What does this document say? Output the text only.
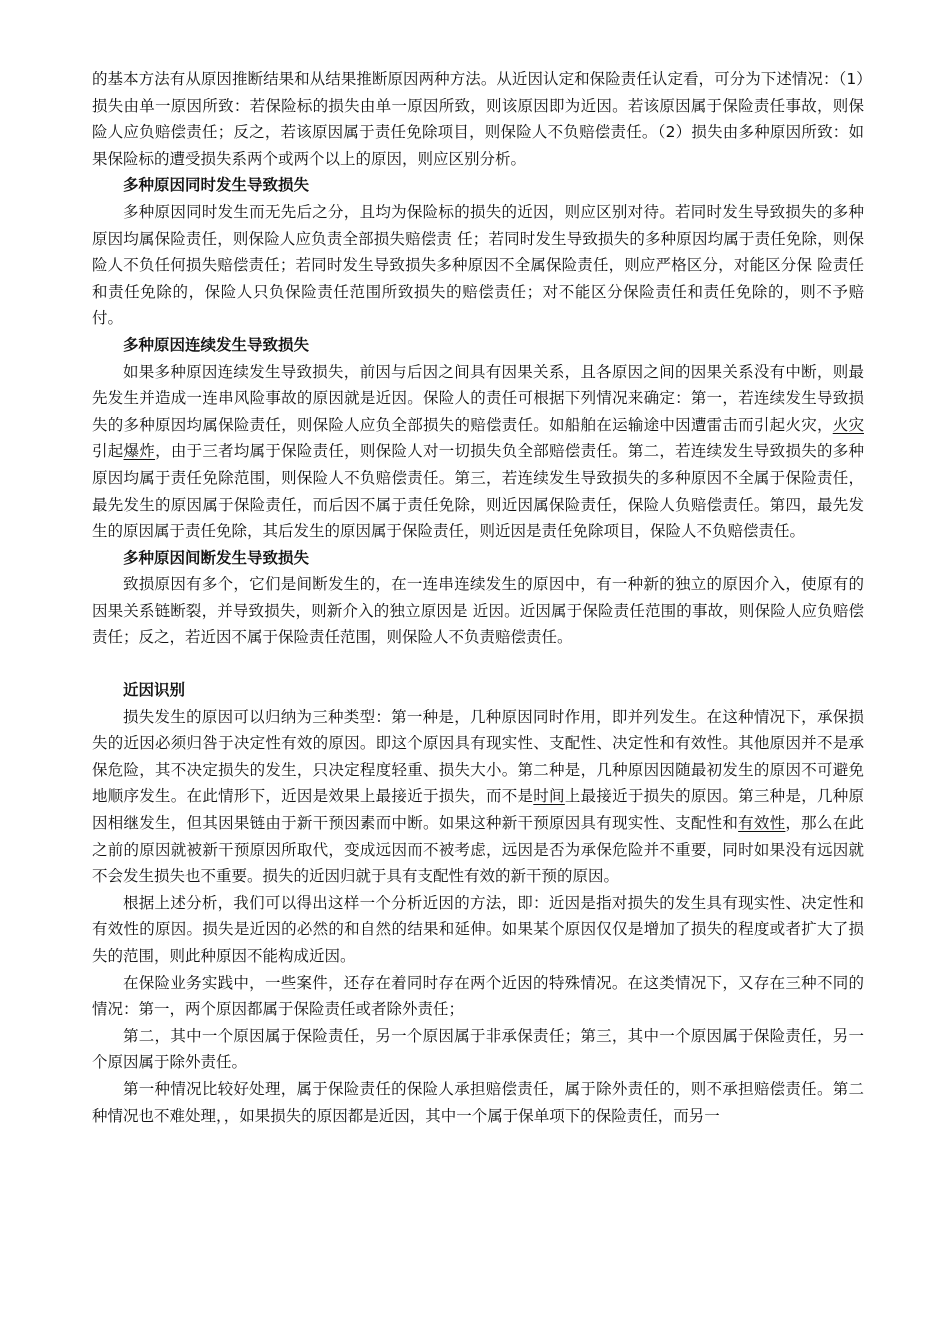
的基本方法有从原因推断结果和从结果推断原因两种方法。从近因认定和保险责任认定看，可分为下述情况：（1）损失由单一原因所致：若保险标的损失由单一原因所致，则该原因即为近因。若该原因属于保险责任事故，则保险人应负赔偿责任；反之，若该原因属于责任免除项目，则保险人不负赔偿责任。（2）损失由多种原因所致：如果保险标的遭受损失系两个或两个以上的原因，则应区别分析。

多种原因同时发生导致损失

多种原因同时发生而无先后之分，且均为保险标的损失的近因，则应区别对待。若同时发生导致损失的多种原因均属保险责任，则保险人应负责全部损失赔偿责 任；若同时发生导致损失的多种原因均属于责任免除，则保险人不负任何损失赔偿责任；若同时发生导致损失多种原因不全属保险责任，则应严格区分，对能区分保 险责任和责任免除的，保险人只负保险责任范围所致损失的赔偿责任；对不能区分保险责任和责任免除的，则不予赔付。

多种原因连续发生导致损失

如果多种原因连续发生导致损失，前因与后因之间具有因果关系，且各原因之间的因果关系没有中断，则最先发生并造成一连串风险事故的原因就是近因。保险人的责任可根据下列情况来确定：第一，若连续发生导致损失的多种原因均属保险责任，则保险人应负全部损失的赔偿责任。如船舶在运输途中因遭雷击而引起火灾，火灾引起爆炸，由于三者均属于保险责任，则保险人对一切损失负全部赔偿责任。第二，若连续发生导致损失的多种原因均属于责任免除范围，则保险人不负赔偿责任。第三，若连续发生导致损失的多种原因不全属于保险责任，最先发生的原因属于保险责任，而后因不属于责任免除，则近因属保险责任，保险人负赔偿责任。第四，最先发生的原因属于责任免除，其后发生的原因属于保险责任，则近因是责任免除项目，保险人不负赔偿责任。

多种原因间断发生导致损失

致损原因有多个，它们是间断发生的，在一连串连续发生的原因中，有一种新的独立的原因介入，使原有的因果关系链断裂，并导致损失，则新介入的独立原因是 近因。近因属于保险责任范围的事故，则保险人应负赔偿责任；反之，若近因不属于保险责任范围，则保险人不负责赔偿责任。

近因识别

损失发生的原因可以归纳为三种类型：第一种是，几种原因同时作用，即并列发生。在这种情况下，承保损失的近因必须归咎于决定性有效的原因。即这个原因具有现实性、支配性、决定性和有效性。其他原因并不是承保危险，其不决定损失的发生，只决定程度轻重、损失大小。第二种是，几种原因因随最初发生的原因不可避免地顺序发生。在此情形下，近因是效果上最接近于损失，而不是时间上最接近于损失的原因。第三种是，几种原因相继发生，但其因果链由于新干预因素而中断。如果这种新干预原因具有现实性、支配性和有效性，那么在此之前的原因就被新干预原因所取代，变成远因而不被考虑，远因是否为承保危险并不重要，同时如果没有远因就不会发生损失也不重要。损失的近因归就于具有支配性有效的新干预的原因。

根据上述分析，我们可以得出这样一个分析近因的方法，即：近因是指对损失的发生具有现实性、决定性和有效性的原因。损失是近因的必然的和自然的结果和延伸。如果某个原因仅仅是增加了损失的程度或者扩大了损失的范围，则此种原因不能构成近因。

在保险业务实践中，一些案件，还存在着同时存在两个近因的特殊情况。在这类情况下，又存在三种不同的情况：第一，两个原因都属于保险责任或者除外责任；

第二，其中一个原因属于保险责任，另一个原因属于非承保责任；第三，其中一个原因属于保险责任，另一个原因属于除外责任。

第一种情况比较好处理，属于保险责任的保险人承担赔偿责任，属于除外责任的，则不承担赔偿责任。第二种情况也不难处理，，如果损失的原因都是近因，其中一个属于保单项下的保险责任，而另一
